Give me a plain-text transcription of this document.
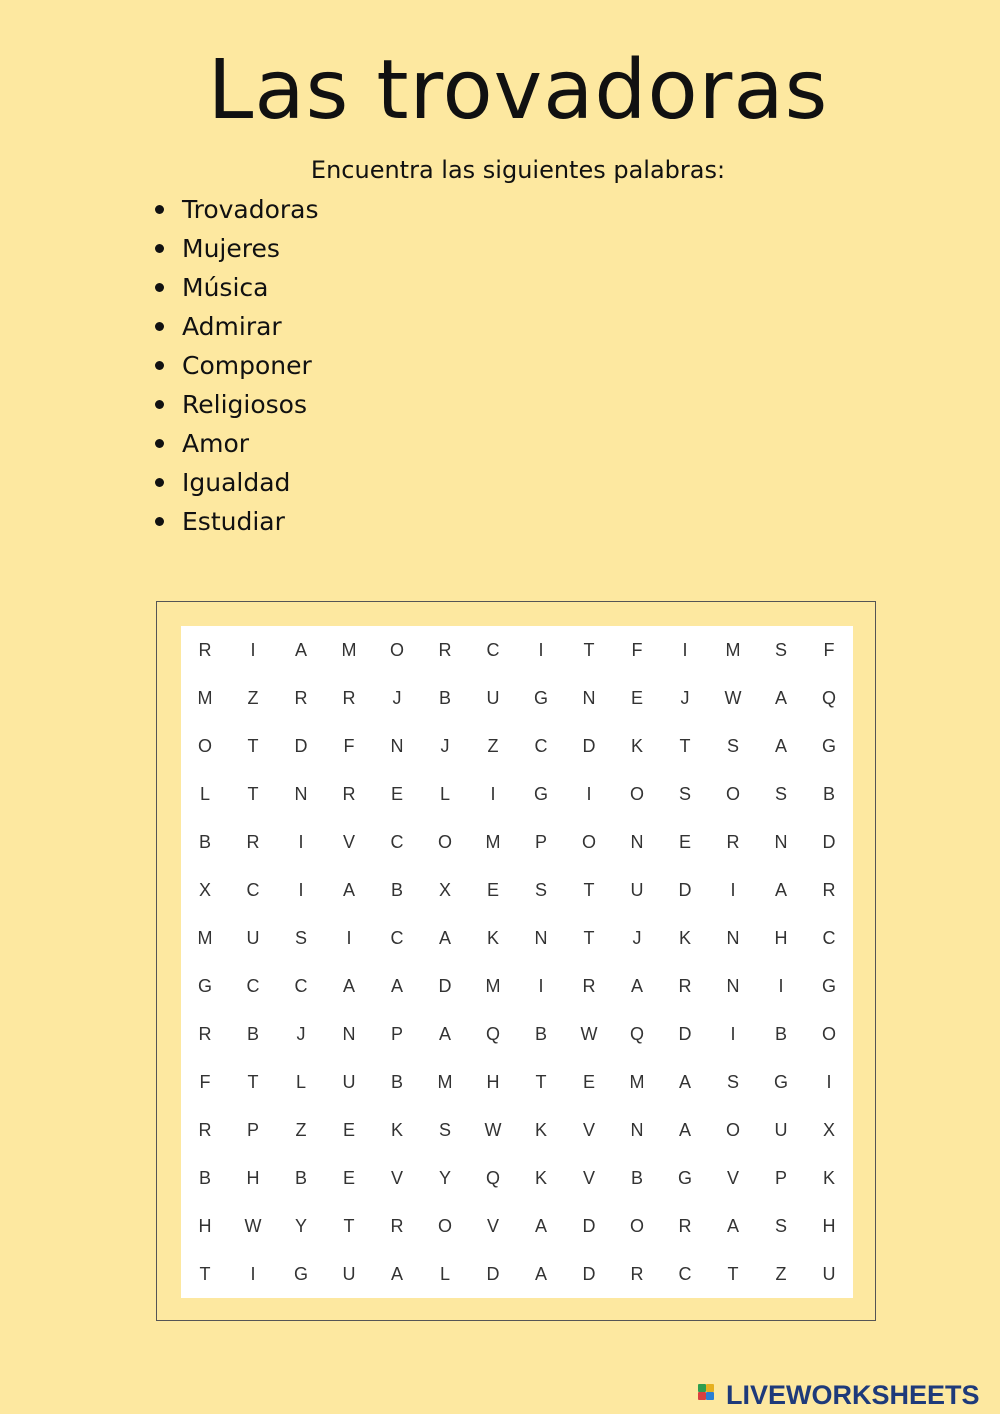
Las trovadoras

Encuentra las siguientes palabras:

Trovadoras
Mujeres
Música
Admirar
Componer
Religiosos
Amor
Igualdad
Estudiar
R	I	A	M	O	R	C	I	T	F	I	M	S	F
M	Z	R	R	J	B	U	G	N	E	J	W	A	Q
O	T	D	F	N	J	Z	C	D	K	T	S	A	G
L	T	N	R	E	L	I	G	I	O	S	O	S	B
B	R	I	V	C	O	M	P	O	N	E	R	N	D
X	C	I	A	B	X	E	S	T	U	D	I	A	R
M	U	S	I	C	A	K	N	T	J	K	N	H	C
G	C	C	A	A	D	M	I	R	A	R	N	I	G
R	B	J	N	P	A	Q	B	W	Q	D	I	B	O
F	T	L	U	B	M	H	T	E	M	A	S	G	I
R	P	Z	E	K	S	W	K	V	N	A	O	U	X
B	H	B	E	V	Y	Q	K	V	B	G	V	P	K
H	W	Y	T	R	O	V	A	D	O	R	A	S	H
T	I	G	U	A	L	D	A	D	R	C	T	Z	U
LIVEWORKSHEETS
